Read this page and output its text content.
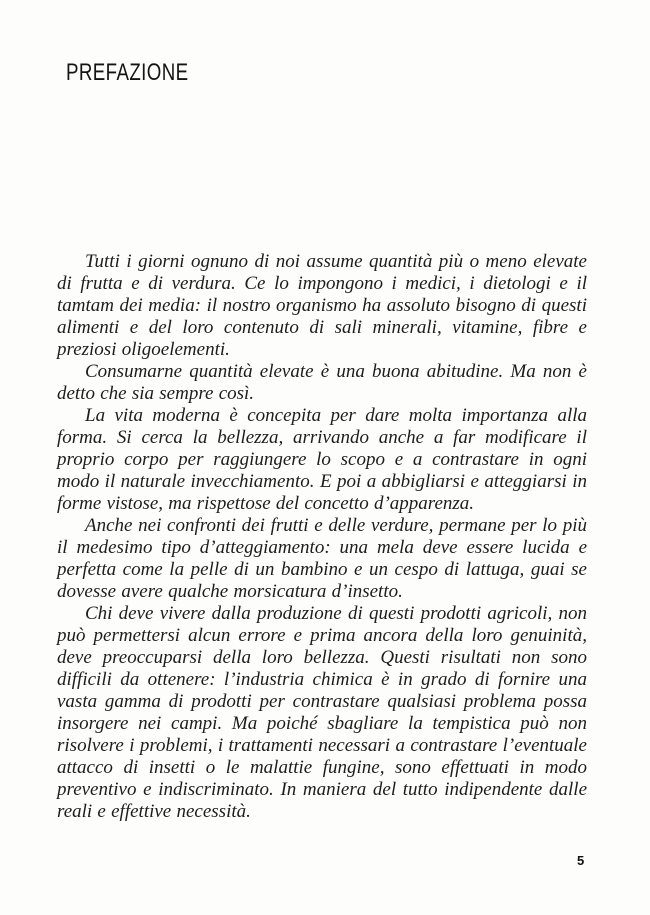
PREFAZIONE

Tutti i giorni ognuno di noi assume quantità più o meno elevate di frutta e di verdura. Ce lo impongono i medici, i dietologi e il tamtam dei media: il nostro organismo ha assoluto bisogno di questi alimenti e del loro contenuto di sali minerali, vitamine, fibre e preziosi oligoelementi.

Consumarne quantità elevate è una buona abitudine. Ma non è detto che sia sempre così.

La vita moderna è concepita per dare molta importanza alla forma. Si cerca la bellezza, arrivando anche a far modificare il proprio corpo per raggiungere lo scopo e a contrastare in ogni modo il naturale invecchiamento. E poi a abbigliarsi e atteggiarsi in forme vistose, ma rispettose del concetto d’apparenza.

Anche nei confronti dei frutti e delle verdure, permane per lo più il medesimo tipo d’atteggiamento: una mela deve essere lucida e perfetta come la pelle di un bambino e un cespo di lattuga, guai se dovesse avere qualche morsicatura d’insetto.

Chi deve vivere dalla produzione di questi prodotti agricoli, non può permettersi alcun errore e prima ancora della loro genuinità, deve preoccuparsi della loro bellezza. Questi risultati non sono difficili da ottenere: l’industria chimica è in grado di fornire una vasta gamma di prodotti per contrastare qualsiasi problema possa insorgere nei campi. Ma poiché sbagliare la tempistica può non risolvere i problemi, i trattamenti necessari a contrastare l’eventuale attacco di insetti o le malattie fungine, sono effettuati in modo preventivo e indiscriminato. In maniera del tutto indipendente dalle reali e effettive necessità.

5
